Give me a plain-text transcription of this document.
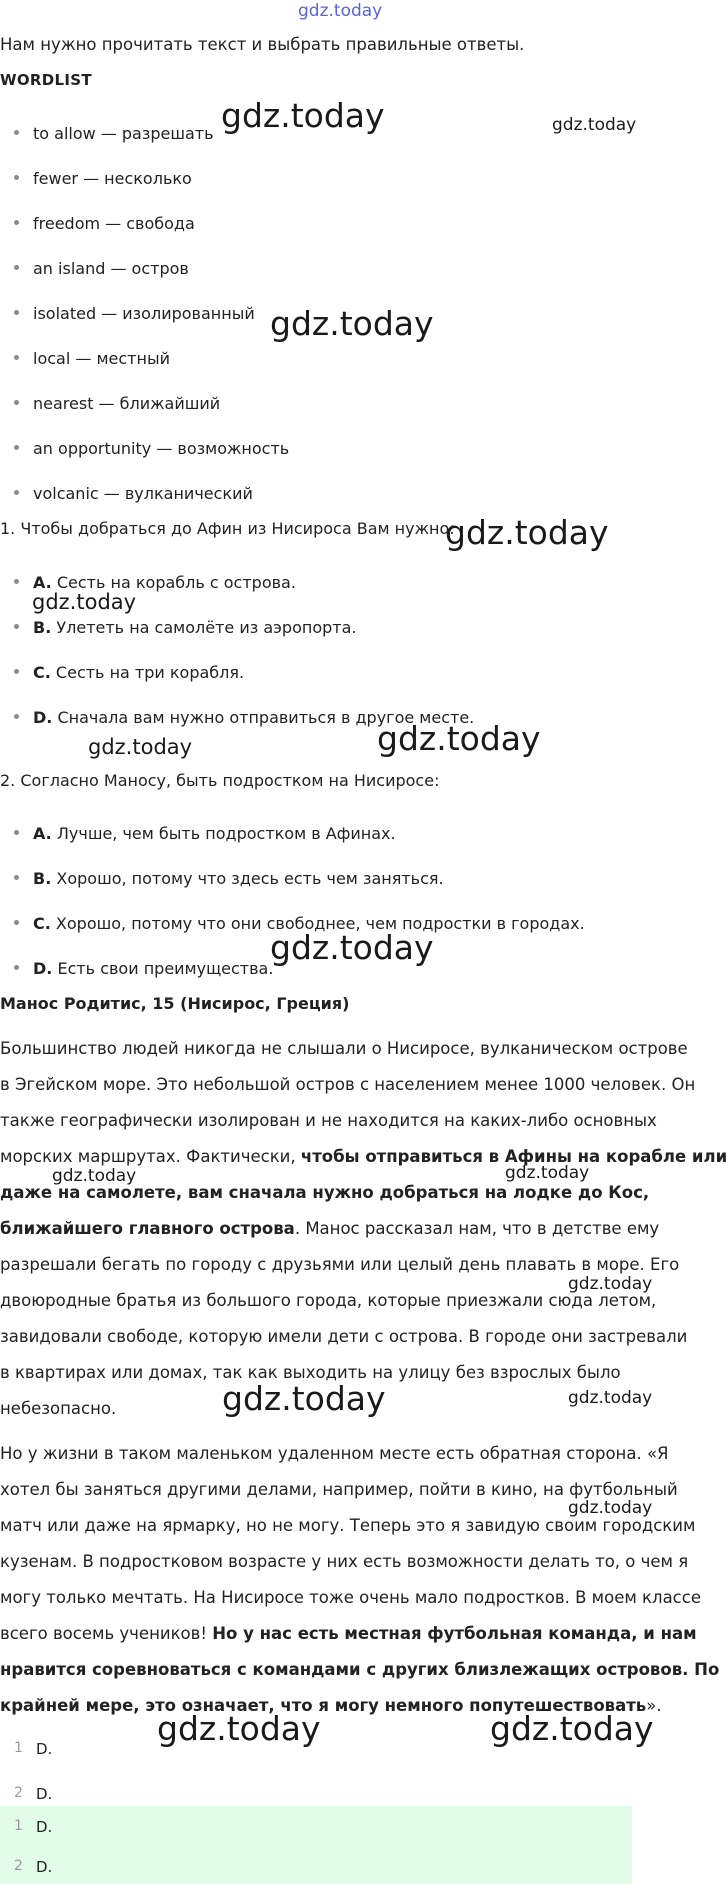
gdz.today
gdz.today	gdz.today
gdz.today
gdz.today
gdz.today
gdz.today
gdz.today
gdz.today
gdz.today	gdz.today
gdz.today
gdz.today	gdz.today
gdz.today
gdz.today	gdz.today
Нам нужно прочитать текст и выбрать правильные ответы.
WORDLIST
to allow — разрешать
fewer — несколько
freedom — свобода
an island — остров
isolated — изолированный
local — местный
nearest — ближайший
an opportunity — возможность
volcanic — вулканический
1. Чтобы добраться до Афин из Нисироса Вам нужно:
A. Сесть на корабль с острова.
B. Улететь на самолёте из аэропорта.
C. Сесть на три корабля.
D. Сначала вам нужно отправиться в другое месте.
2. Согласно Маносу, быть подростком на Нисиросе:
A. Лучше, чем быть подростком в Афинах.
B. Хорошо, потому что здесь есть чем заняться.
C. Хорошо, потому что они свободнее, чем подростки в городах.
D. Есть свои преимущества.
Манос Родитис, 15 (Нисирос, Греция)
Большинство людей никогда не слышали о Нисиросе, вулканическом острове
в Эгейском море. Это небольшой остров с населением менее 1000 человек. Он
также географически изолирован и не находится на каких-либо основных
морских маршрутах. Фактически, чтобы отправиться в Афины на корабле или
даже на самолете, вам сначала нужно добраться на лодке до Кос,
ближайшего главного острова. Манос рассказал нам, что в детстве ему
разрешали бегать по городу с друзьями или целый день плавать в море. Его
двоюродные братья из большого города, которые приезжали сюда летом,
завидовали свободе, которую имели дети с острова. В городе они застревали
в квартирах или домах, так как выходить на улицу без взрослых было
небезопасно.
Но у жизни в таком маленьком удаленном месте есть обратная сторона. «Я
хотел бы заняться другими делами, например, пойти в кино, на футбольный
матч или даже на ярмарку, но не могу. Теперь это я завидую своим городским
кузенам. В подростковом возрасте у них есть возможности делать то, о чем я
могу только мечтать. На Нисиросе тоже очень мало подростков. В моем классе
всего восемь учеников! Но у нас есть местная футбольная команда, и нам
нравится соревноваться с командами с других близлежащих островов. По
крайней мере, это означает, что я могу немного попутешествовать».
1 D.
2 D.
1 D.
2 D.
